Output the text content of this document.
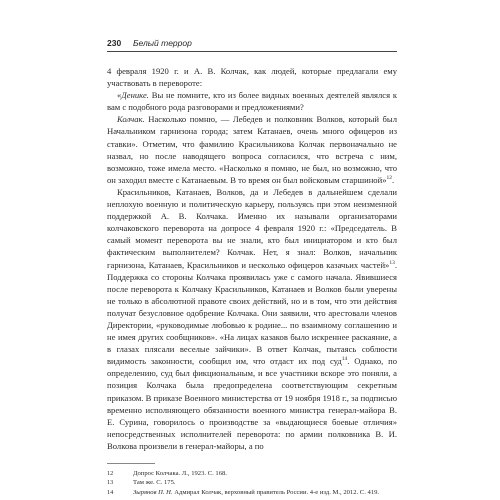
230 Белый террор

4 февраля 1920 г. и А. В. Колчак, как людей, которые предлагали ему участвовать в перевороте:

«Денике. Вы не помните, кто из более видных военных деятелей являлся к вам с подобного рода разговорами и предложениями?

Колчак. Насколько помню, — Лебедев и полковник Волков, который был Начальником гарнизона города; затем Катанаев, очень много офицеров из ставки». Отметим, что фамилию Красильникова Колчак первоначально не назвал, но после наводящего вопроса согласился, что встреча с ним, возможно, тоже имела место. «Насколько я помню, не был, но возможно, что он заходил вместе с Катанаевым. В то время он был войсковым старшиной»$^{12}$.

Красильников, Катанаев, Волков, да и Лебедев в дальнейшем сделали неплохую военную и политическую карьеру, пользуясь при этом неизменной поддержкой А. В. Колчака. Именно их называли организаторами колчаковского переворота на допросе 4 февраля 1920 г.: «Председатель. В самый момент переворота вы не знали, кто был инициатором и кто был фактическим выполнителем? Колчак. Нет, я знал: Волков, начальник гарнизона, Катанаев, Красильников и несколько офицеров казачьих частей»$^{13}$. Поддержка со стороны Колчака проявилась уже с самого начала. Явившиеся после переворота к Колчаку Красильников, Катанаев и Волков были уверены не только в абсолютной правоте своих действий, но и в том, что эти действия получат безусловное одобрение Колчака. Они заявили, что арестовали членов Директории, «руководимые любовью к родине... по взаимному соглашению и не имея других сообщников». «На лицах казаков было искреннее раскаяние, а в глазах плясали веселые зайчики». В ответ Колчак, пытаясь соблюсти видимость законности, сообщил им, что отдаст их под суд$^{14}$. Однако, по определению, суд был фикциональным, и все участники вскоре это поняли, а позиция Колчака была предопределена соответствующим секретным приказом. В приказе Военного министерства от 19 ноября 1918 г., за подписью временно исполняющего обязанности военного министра генерал-майора В. Е. Сурина, говорилось о производстве за «выдающиеся боевые отличия» непосредственных исполнителей переворота: по армии полковника В. И. Волкова произвели в генерал-майоры, а по

12	Допрос Колчака. Л., 1923. С. 168.
13	Там же. С. 175.
14	Зырянов П. Н. Адмирал Колчак, верховный правитель России. 4-е изд. М., 2012. С. 419.
